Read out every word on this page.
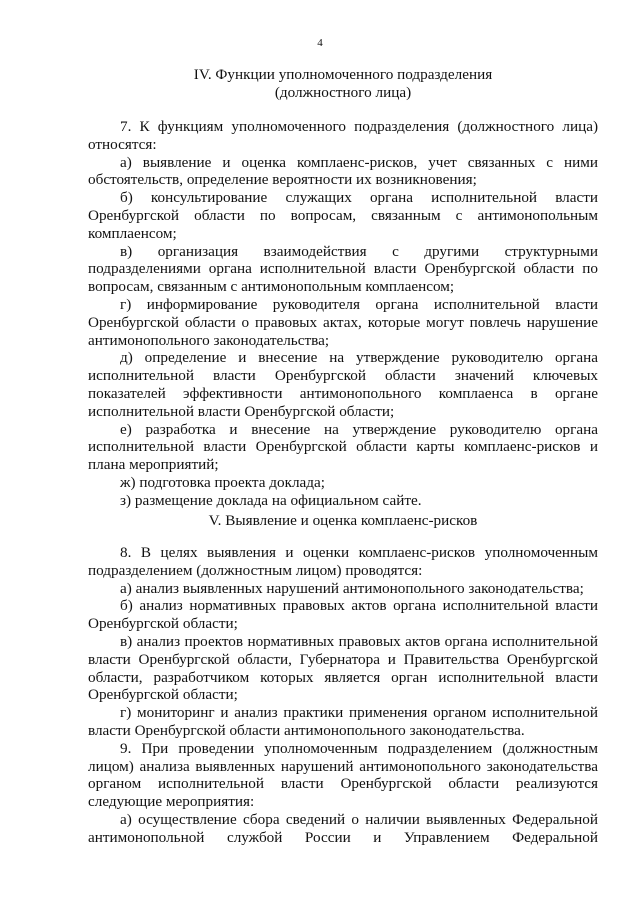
4
IV. Функции уполномоченного подразделения
(должностного лица)

7. К функциям уполномоченного подразделения (должностного лица) относятся:

а) выявление и оценка комплаенс-рисков, учет связанных с ними обстоятельств, определение вероятности их возникновения;

б) консультирование служащих органа исполнительной власти Оренбургской области по вопросам, связанным с антимонопольным комплаенсом;

в) организация взаимодействия с другими структурными подразделениями органа исполнительной власти Оренбургской области по вопросам, связанным с антимонопольным комплаенсом;

г) информирование руководителя органа исполнительной власти Оренбургской области о правовых актах, которые могут повлечь нарушение антимонопольного законодательства;

д) определение и внесение на утверждение руководителю органа исполнительной власти Оренбургской области значений ключевых показателей эффективности антимонопольного комплаенса в органе исполнительной власти Оренбургской области;

е) разработка и внесение на утверждение руководителю органа исполнительной власти Оренбургской области карты комплаенс-рисков и плана мероприятий;

ж) подготовка проекта доклада;

з) размещение доклада на официальном сайте.

V. Выявление и оценка комплаенс-рисков

8. В целях выявления и оценки комплаенс-рисков уполномоченным подразделением (должностным лицом) проводятся:

а) анализ выявленных нарушений антимонопольного законодательства;

б) анализ нормативных правовых актов органа исполнительной власти Оренбургской области;

в) анализ проектов нормативных правовых актов органа исполнительной власти Оренбургской области, Губернатора и Правительства Оренбургской области, разработчиком которых является орган исполнительной власти Оренбургской области;

г) мониторинг и анализ практики применения органом исполнительной власти Оренбургской области антимонопольного законодательства.

9. При проведении уполномоченным подразделением (должностным лицом) анализа выявленных нарушений антимонопольного законодательства органом исполнительной власти Оренбургской области реализуются следующие мероприятия:

а) осуществление сбора сведений о наличии выявленных Федеральной антимонопольной службой России и Управлением Федеральной
